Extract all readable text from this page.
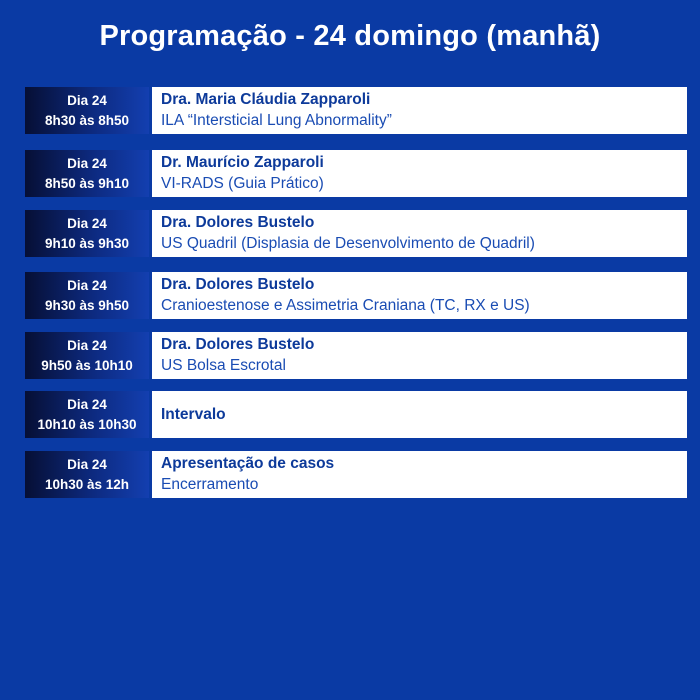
Programação - 24 domingo (manhã)
Dia 24
8h30 às 8h50
Dra. Maria Cláudia Zapparoli
ILA “Intersticial Lung Abnormality”
Dia 24
8h50 às 9h10
Dr. Maurício Zapparoli
VI-RADS (Guia Prático)
Dia 24
9h10 às 9h30
Dra. Dolores Bustelo
US Quadril (Displasia de Desenvolvimento de Quadril)
Dia 24
9h30 às 9h50
Dra. Dolores Bustelo
Cranioestenose e Assimetria Craniana (TC, RX e US)
Dia 24
9h50 às 10h10
Dra. Dolores Bustelo
US Bolsa Escrotal
Dia 24
10h10 às 10h30
Intervalo
Dia 24
10h30 às 12h
Apresentação de casos
Encerramento
